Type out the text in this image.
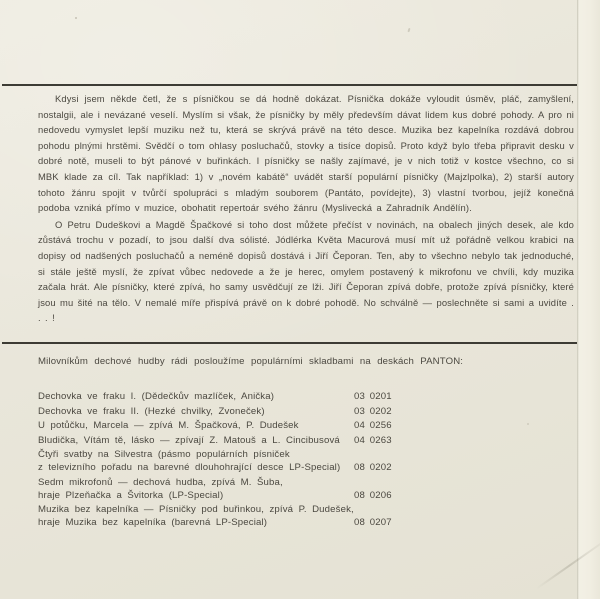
Kdysi jsem někde četl, že s písničkou se dá hodně dokázat. Písnička dokáže vyloudit úsměv, pláč, zamyšlení, nostalgii, ale i nevázané veselí. Myslím si však, že písničky by měly především dávat lidem kus dobré pohody. A pro ni nedovedu vymyslet lepší muziku než tu, která se skrývá právě na této desce. Muzika bez kapelníka rozdává dobrou pohodu plnými hrstěmi. Svědčí o tom ohlasy posluchačů, stovky a tisíce dopisů. Proto když bylo třeba připravit desku v dobré notě, museli to být pánové v buřinkách. I písničky se našly zajímavé, je v nich totiž v kostce všechno, co si MBK klade za cíl. Tak například: 1) v „novém kabátě“ uvádět starší populární písničky (Majzlpolka), 2) starší autory tohoto žánru spojit v tvůrčí spolupráci s mladým souborem (Pantáto, povídejte), 3) vlastní tvorbou, jejíž konečná podoba vzniká přímo v muzice, obohatit repertoár svého žánru (Myslivecká a Zahradník Andělín).

O Petru Dudeškovi a Magdě Špačkové si toho dost můžete přečíst v novinách, na obalech jiných desek, ale kdo zůstává trochu v pozadí, to jsou další dva sólisté. Jódlérka Květa Macurová musí mít už pořádně velkou krabici na dopisy od nadšených posluchačů a neméně dopisů dostává i Jiří Čeporan. Ten, aby to všechno nebylo tak jednoduché, si stále ještě myslí, že zpívat vůbec nedovede a že je herec, omylem postavený k mikrofonu ve chvíli, kdy muzika začala hrát. Ale písničky, které zpívá, ho samy usvědčují ze lži. Jiří Čeporan zpívá dobře, protože zpívá písničky, které jsou mu šité na tělo. V nemalé míře přispívá právě on k dobré pohodě. No schválně — poslechněte si sami a uvidíte . . . !

Milovníkům dechové hudby rádi posloužíme populárními skladbami na deskách PANTON:
Dechovka ve fraku I. (Dědečkův mazlíček, Anička)	03 0201
Dechovka ve fraku II. (Hezké chvilky, Zvoneček)	03 0202
U potůčku, Marcela — zpívá M. Špačková, P. Dudešek	04 0256
Bludička, Vítám tě, lásko — zpívají Z. Matouš a L. Cincibusová	04 0263
Čtyři svatby na Silvestra (pásmo populárních písniček
z televizního pořadu na barevné dlouhohrající desce LP-Special)	08 0202
Sedm mikrofonů — dechová hudba, zpívá M. Šuba,
hraje Plzeňačka a Švitorka (LP-Special)	08 0206
Muzika bez kapelníka — Písničky pod buřinkou, zpívá P. Dudešek,
hraje Muzika bez kapelníka (barevná LP-Special)	08 0207
